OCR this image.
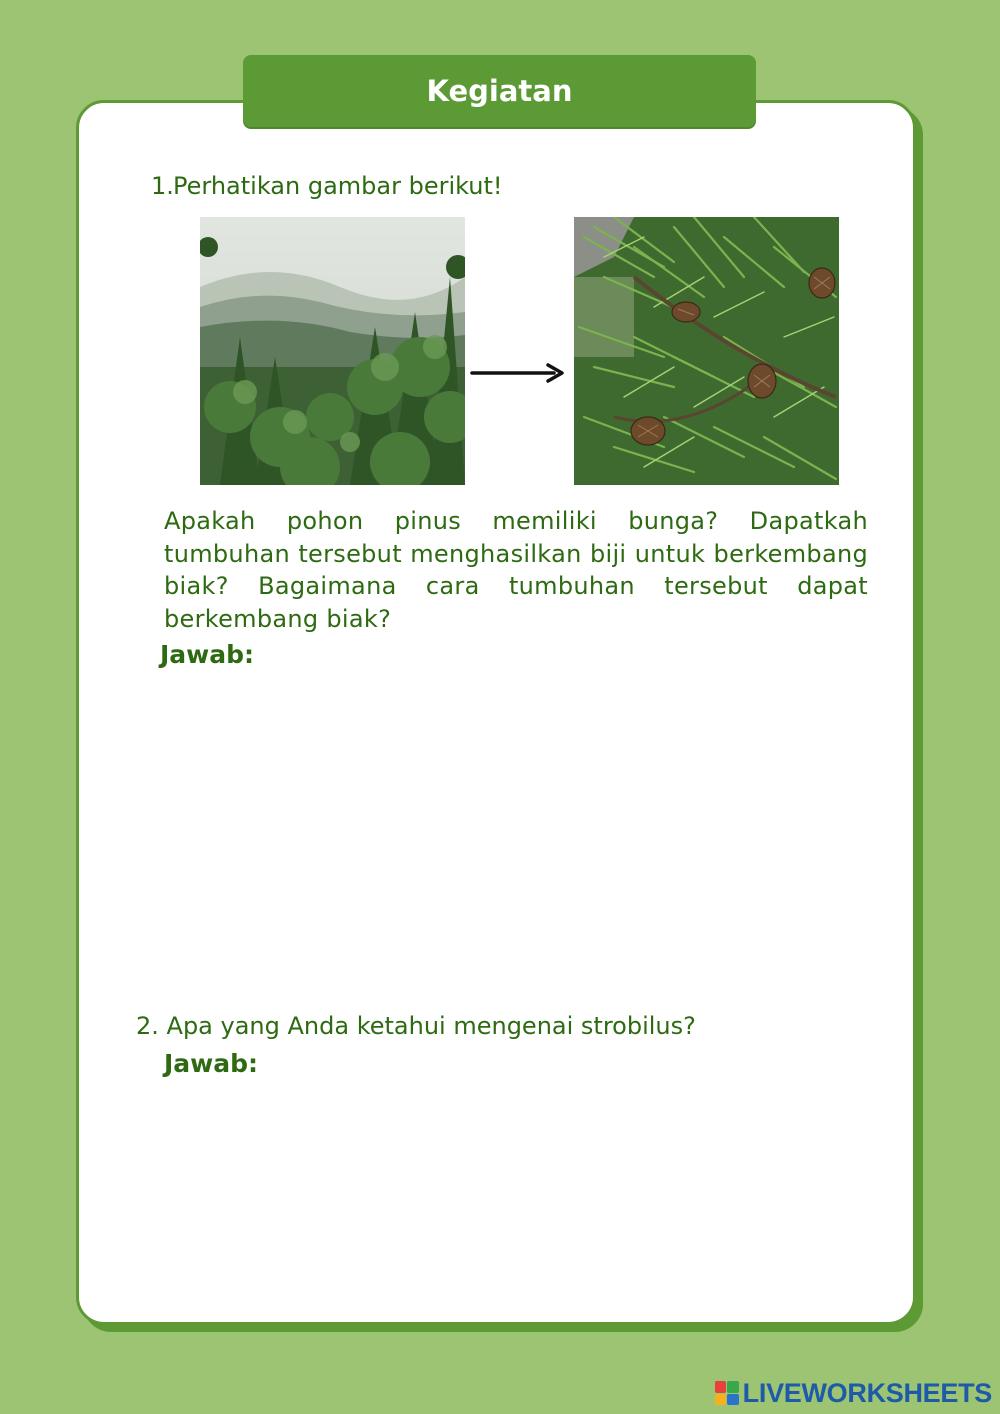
Kegiatan
1.Perhatikan gambar berikut!
Apakah pohon pinus memiliki bunga? Dapatkah tumbuhan tersebut menghasilkan biji untuk berkembang biak? Bagaimana cara tumbuhan tersebut dapat berkembang biak?
Jawab:
2. Apa yang Anda ketahui mengenai strobilus?
Jawab:
LIVEWORKSHEETS
